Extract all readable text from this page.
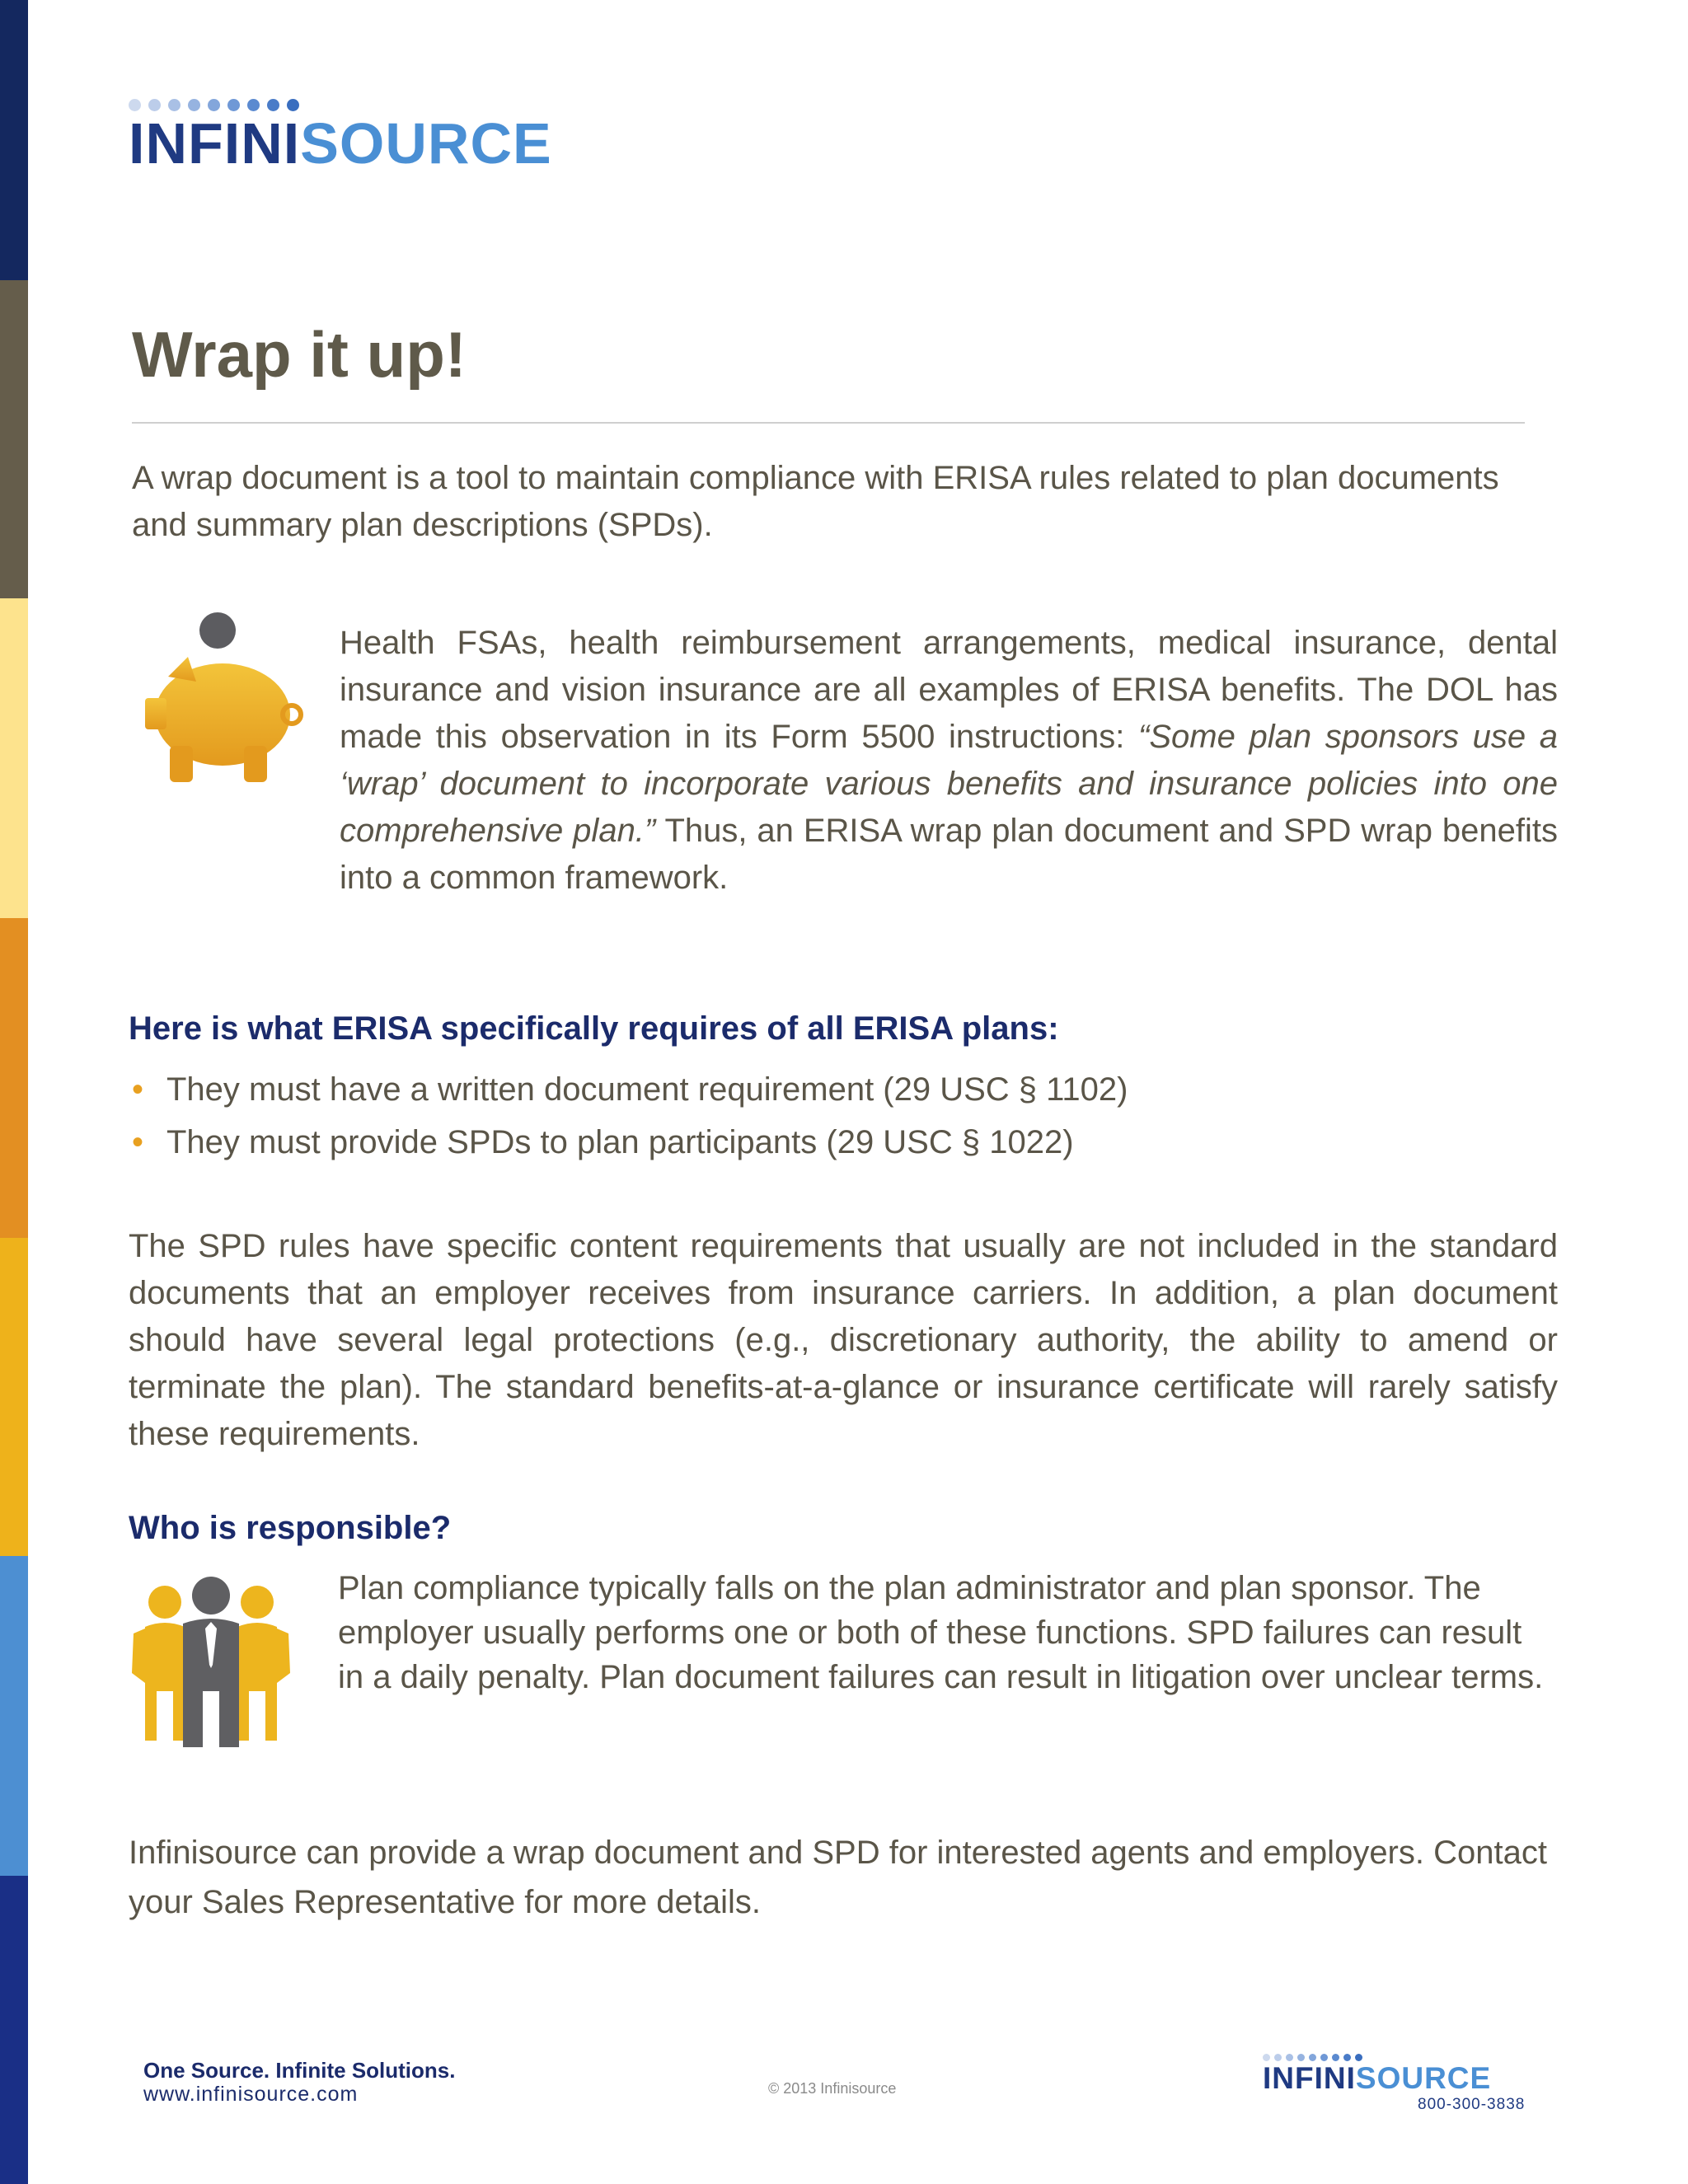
INFINISOURCE
Wrap it up!

A wrap document is a tool to maintain compliance with ERISA rules related to plan documents and summary plan descriptions (SPDs).

Health FSAs, health reimbursement arrangements, medical insurance, dental insurance and vision insurance are all examples of ERISA benefits. The DOL has made this observation in its Form 5500 instructions: “Some plan sponsors use a ‘wrap’ document to incorporate various benefits and insurance policies into one comprehensive plan.” Thus, an ERISA wrap plan document and SPD wrap benefits into a common framework.

Here is what ERISA specifically requires of all ERISA plans:
• They must have a written document requirement (29 USC § 1102)
• They must provide SPDs to plan participants (29 USC § 1022)

The SPD rules have specific content requirements that usually are not included in the standard documents that an employer receives from insurance carriers. In addition, a plan document should have several legal protections (e.g., discretionary authority, the ability to amend or terminate the plan). The standard benefits-at-a-glance or insurance certificate will rarely satisfy these requirements.

Who is responsible?

Plan compliance typically falls on the plan administrator and plan sponsor. The employer usually performs one or both of these functions. SPD failures can result in a daily penalty. Plan document failures can result in litigation over unclear terms.

Infinisource can provide a wrap document and SPD for interested agents and employers. Contact your Sales Representative for more details.

One Source. Infinite Solutions.

www.infinisource.com	© 2013 Infinisource	INFINISOURCE

800-300-3838
